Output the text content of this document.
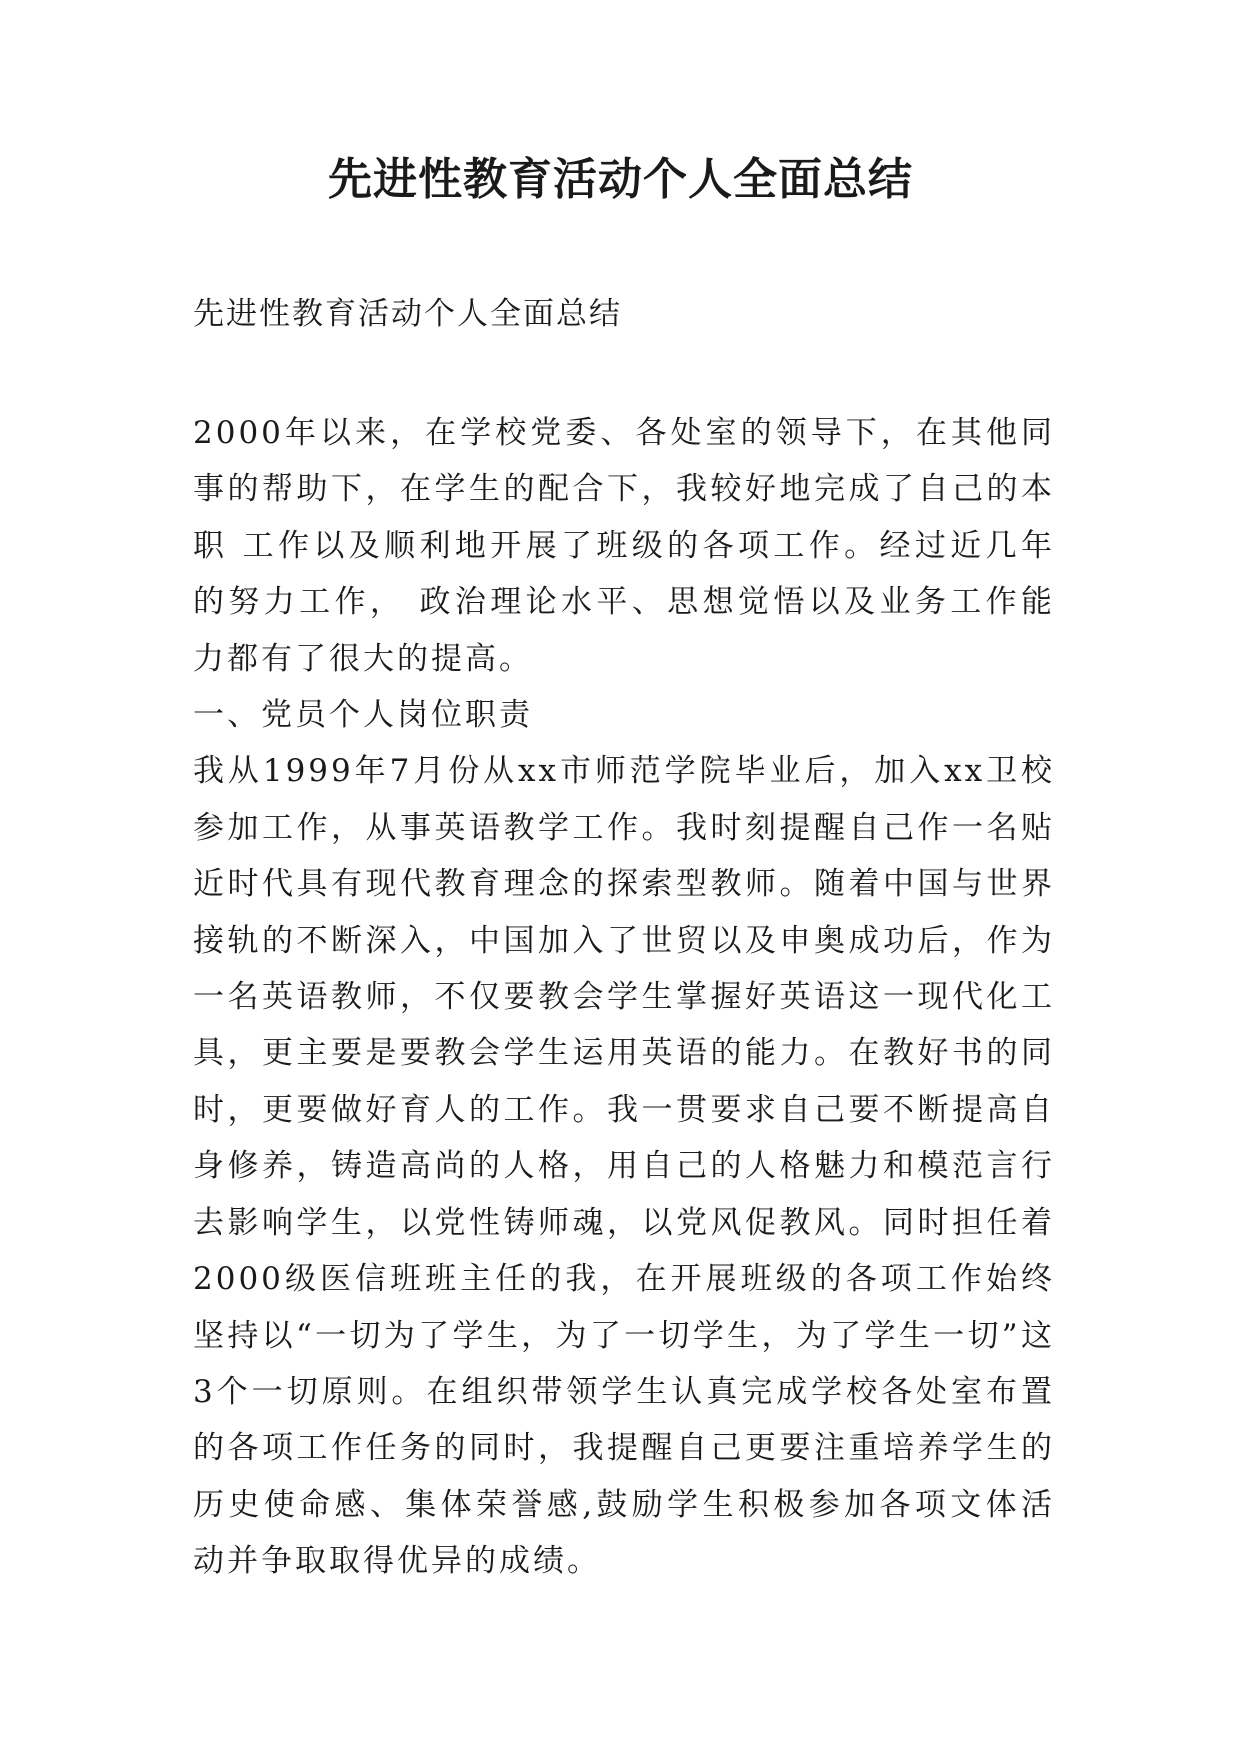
先进性教育活动个人全面总结

先进性教育活动个人全面总结

2000年以来，在学校党委、各处室的领导下，在其他同事的帮助下，在学生的配合下，我较好地完成了自己的本职 工作以及顺利地开展了班级的各项工作。经过近几年的努力工作， 政治理论水平、思想觉悟以及业务工作能力都有了很大的提高。

一、党员个人岗位职责

我从1999年7月份从xx市师范学院毕业后，加入xx卫校参加工作，从事英语教学工作。我时刻提醒自己作一名贴近时代具有现代教育理念的探索型教师。随着中国与世界接轨的不断深入，中国加入了世贸以及申奥成功后，作为一名英语教师，不仅要教会学生掌握好英语这一现代化工具，更主要是要教会学生运用英语的能力。在教好书的同时，更要做好育人的工作。我一贯要求自己要不断提高自身修养，铸造高尚的人格，用自己的人格魅力和模范言行去影响学生，以党性铸师魂，以党风促教风。同时担任着2000级医信班班主任的我，在开展班级的各项工作始终坚持以“一切为了学生，为了一切学生，为了学生一切”这3个一切原则。在组织带领学生认真完成学校各处室布置的各项工作任务的同时，我提醒自己更要注重培养学生的历史使命感、集体荣誉感,鼓励学生积极参加各项文体活动并争取取得优异的成绩。
